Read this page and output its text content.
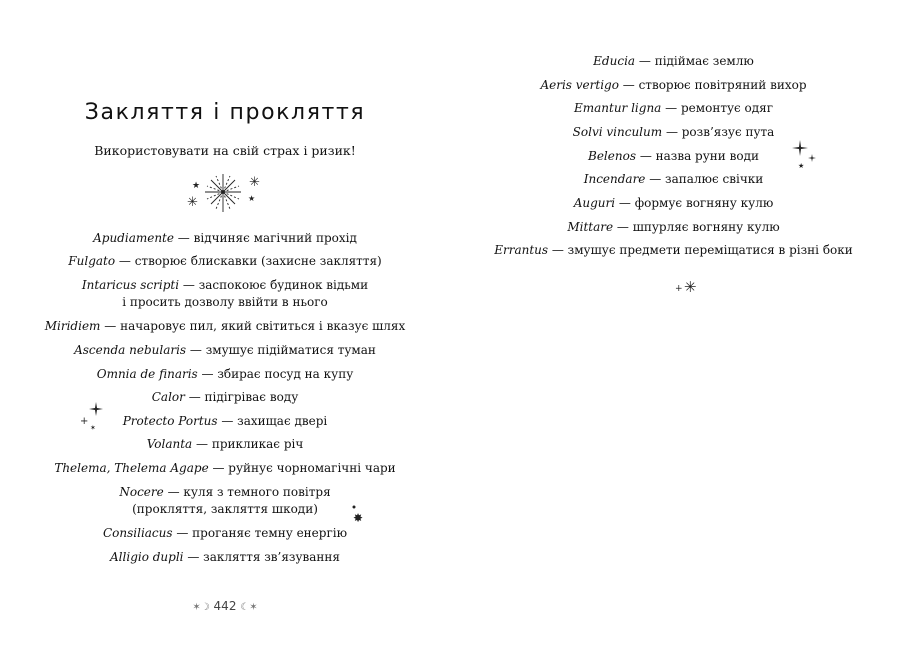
Закляття і прокляття
Використовувати на свій страх і ризик!
★
✳
✳
★
+
✶
✸
Apudiamente — відчиняє магічний прохід
Fulgato — створює блискавки (захисне закляття)
Intaricus scripti — заспокоює будинок відьми
і просить дозволу ввійти в нього
Miridiem — начаровує пил, який світиться і вказує шлях
Ascenda nebularis — змушує підійматися туман
Omnia de finaris — збирає посуд на купу
Calor — підігріває воду
Protecto Portus — захищає двері
Volanta — прикликає річ
Thelema, Thelema Agape — руйнує чорномагічні чари
Nocere — куля з темного повітря
(прокляття, закляття шкоди)
Consiliacus — проганяє темну енергію
Alligio dupli — закляття зв’язування
✶☽ 442 ☾✶
Educia — підіймає землю
Aeris vertigo — створює повітряний вихор
Emantur ligna — ремонтує одяг
Solvi vinculum — розв’язує пута
Belenos — назва руни води
Incendare — запалює свічки
Auguri — формує вогняну кулю
Mittare — шпурляє вогняну кулю
Errantus — змушує предмети переміщатися в різні боки
★
+ ✳
